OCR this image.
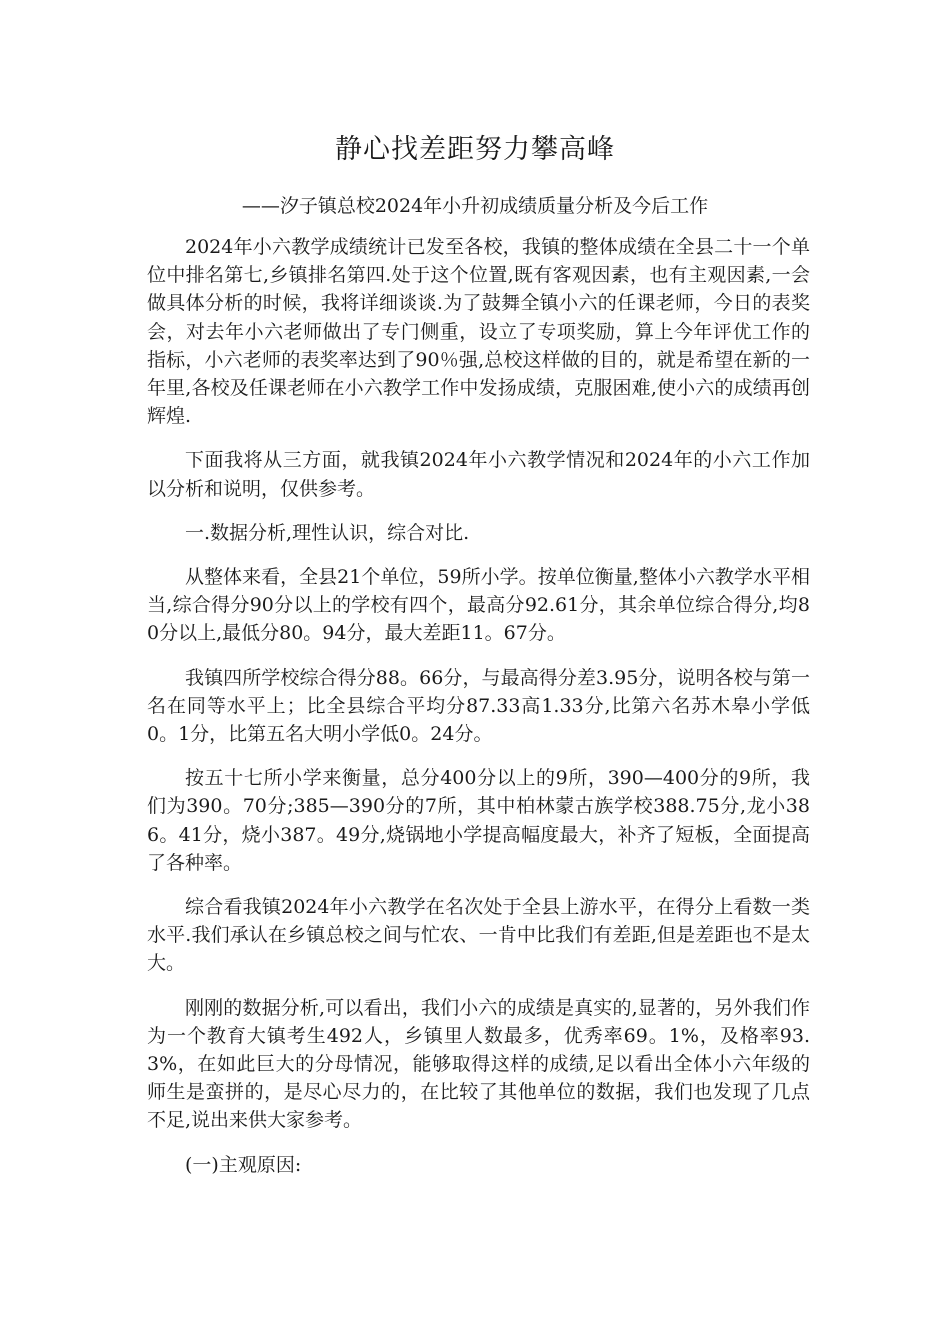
静心找差距努力攀高峰
——汐子镇总校2024年小升初成绩质量分析及今后工作

2024年小六教学成绩统计已发至各校，我镇的整体成绩在全县二十一个单位中排名第七,乡镇排名第四.处于这个位置,既有客观因素，也有主观因素,一会做具体分析的时候，我将详细谈谈.为了鼓舞全镇小六的任课老师，今日的表奖会，对去年小六老师做出了专门侧重，设立了专项奖励，算上今年评优工作的指标，小六老师的表奖率达到了90％强,总校这样做的目的，就是希望在新的一年里,各校及任课老师在小六教学工作中发扬成绩，克服困难,使小六的成绩再创辉煌.

下面我将从三方面，就我镇2024年小六教学情况和2024年的小六工作加以分析和说明，仅供参考。

一.数据分析,理性认识，综合对比.

从整体来看，全县21个单位，59所小学。按单位衡量,整体小六教学水平相当,综合得分90分以上的学校有四个，最高分92.61分，其余单位综合得分,均80分以上,最低分80。94分，最大差距11。67分。

我镇四所学校综合得分88。66分，与最高得分差3.95分，说明各校与第一名在同等水平上；比全县综合平均分87.33高1.33分,比第六名苏木皋小学低0。1分，比第五名大明小学低0。24分。

按五十七所小学来衡量，总分400分以上的9所，390—400分的9所，我们为390。70分;385—390分的7所，其中柏林蒙古族学校388.75分,龙小386。41分，烧小387。49分,烧锅地小学提高幅度最大，补齐了短板，全面提高了各种率。

综合看我镇2024年小六教学在名次处于全县上游水平，在得分上看数一类水平.我们承认在乡镇总校之间与忙农、一肯中比我们有差距,但是差距也不是太大。

刚刚的数据分析,可以看出，我们小六的成绩是真实的,显著的，另外我们作为一个教育大镇考生492人，乡镇里人数最多，优秀率69。1%，及格率93.3%，在如此巨大的分母情况，能够取得这样的成绩,足以看出全体小六年级的师生是蛮拼的，是尽心尽力的，在比较了其他单位的数据，我们也发现了几点不足,说出来供大家参考。

(一)主观原因:
